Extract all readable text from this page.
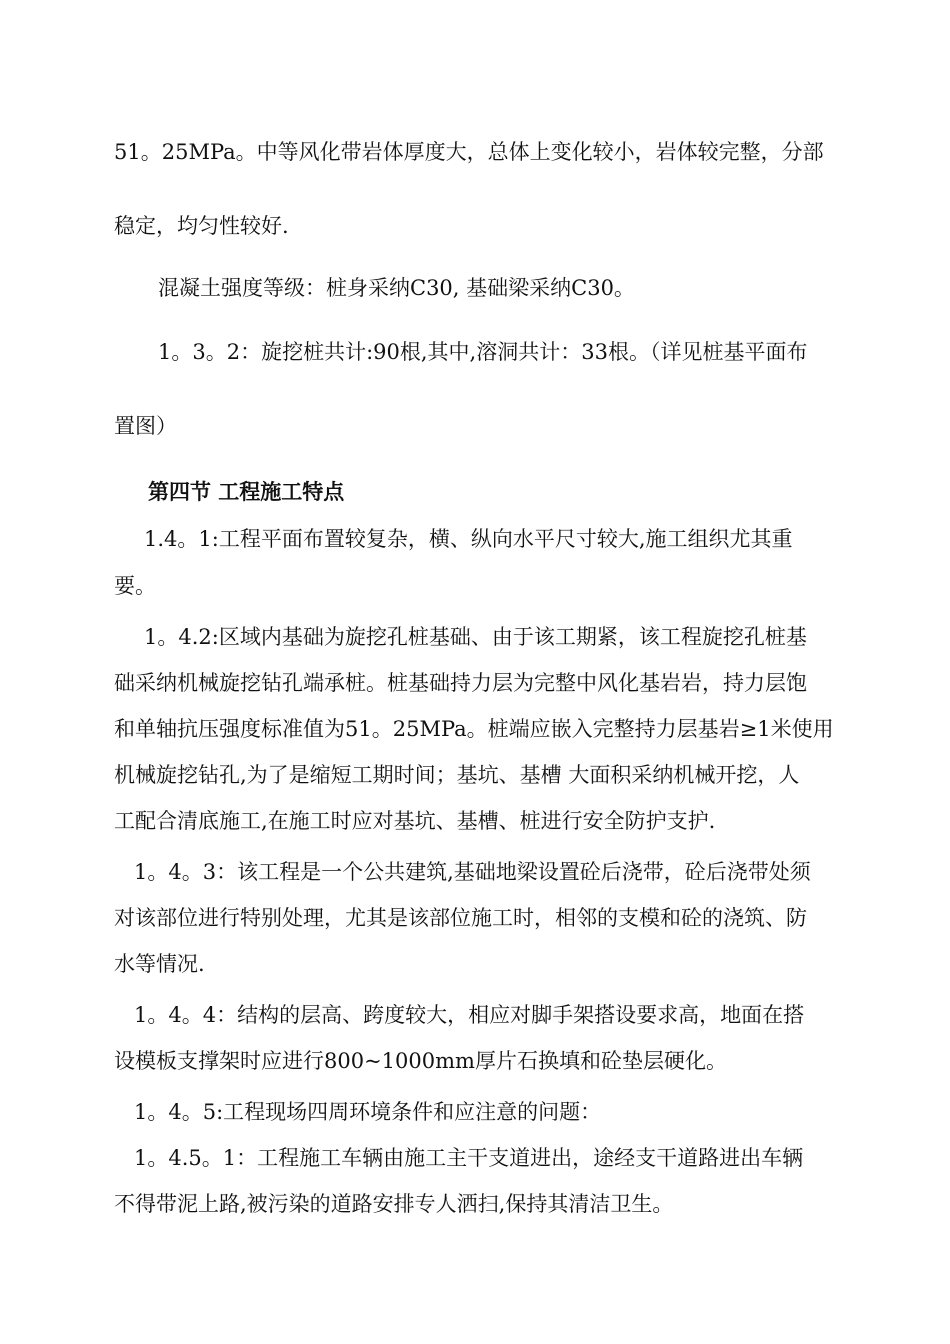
51。25MPa。中等风化带岩体厚度大，总体上变化较小，岩体较完整，分部
稳定，均匀性较好.
混凝土强度等级：桩身采纳C30, 基础梁采纳C30。
1。3。2：旋挖桩共计:90根,其中,溶洞共计：33根。（详见桩基平面布
置图）
第四节 工程施工特点
1.4。1:工程平面布置较复杂，横、纵向水平尺寸较大,施工组织尤其重
要。
1。4.2:区域内基础为旋挖孔桩基础、由于该工期紧，该工程旋挖孔桩基
础采纳机械旋挖钻孔端承桩。桩基础持力层为完整中风化基岩岩，持力层饱
和单轴抗压强度标准值为51。25MPa。桩端应嵌入完整持力层基岩≥1米使用
机械旋挖钻孔,为了是缩短工期时间；基坑、基槽 大面积采纳机械开挖，人
工配合清底施工,在施工时应对基坑、基槽、桩进行安全防护支护.
1。4。3：该工程是一个公共建筑,基础地梁设置砼后浇带，砼后浇带处须
对该部位进行特别处理，尤其是该部位施工时，相邻的支模和砼的浇筑、防
水等情况.
1。4。4：结构的层高、跨度较大，相应对脚手架搭设要求高，地面在搭
设模板支撑架时应进行800~1000mm厚片石换填和砼垫层硬化。
1。4。5:工程现场四周环境条件和应注意的问题：
1。4.5。1：工程施工车辆由施工主干支道进出，途经支干道路进出车辆
不得带泥上路,被污染的道路安排专人洒扫,保持其清洁卫生。
